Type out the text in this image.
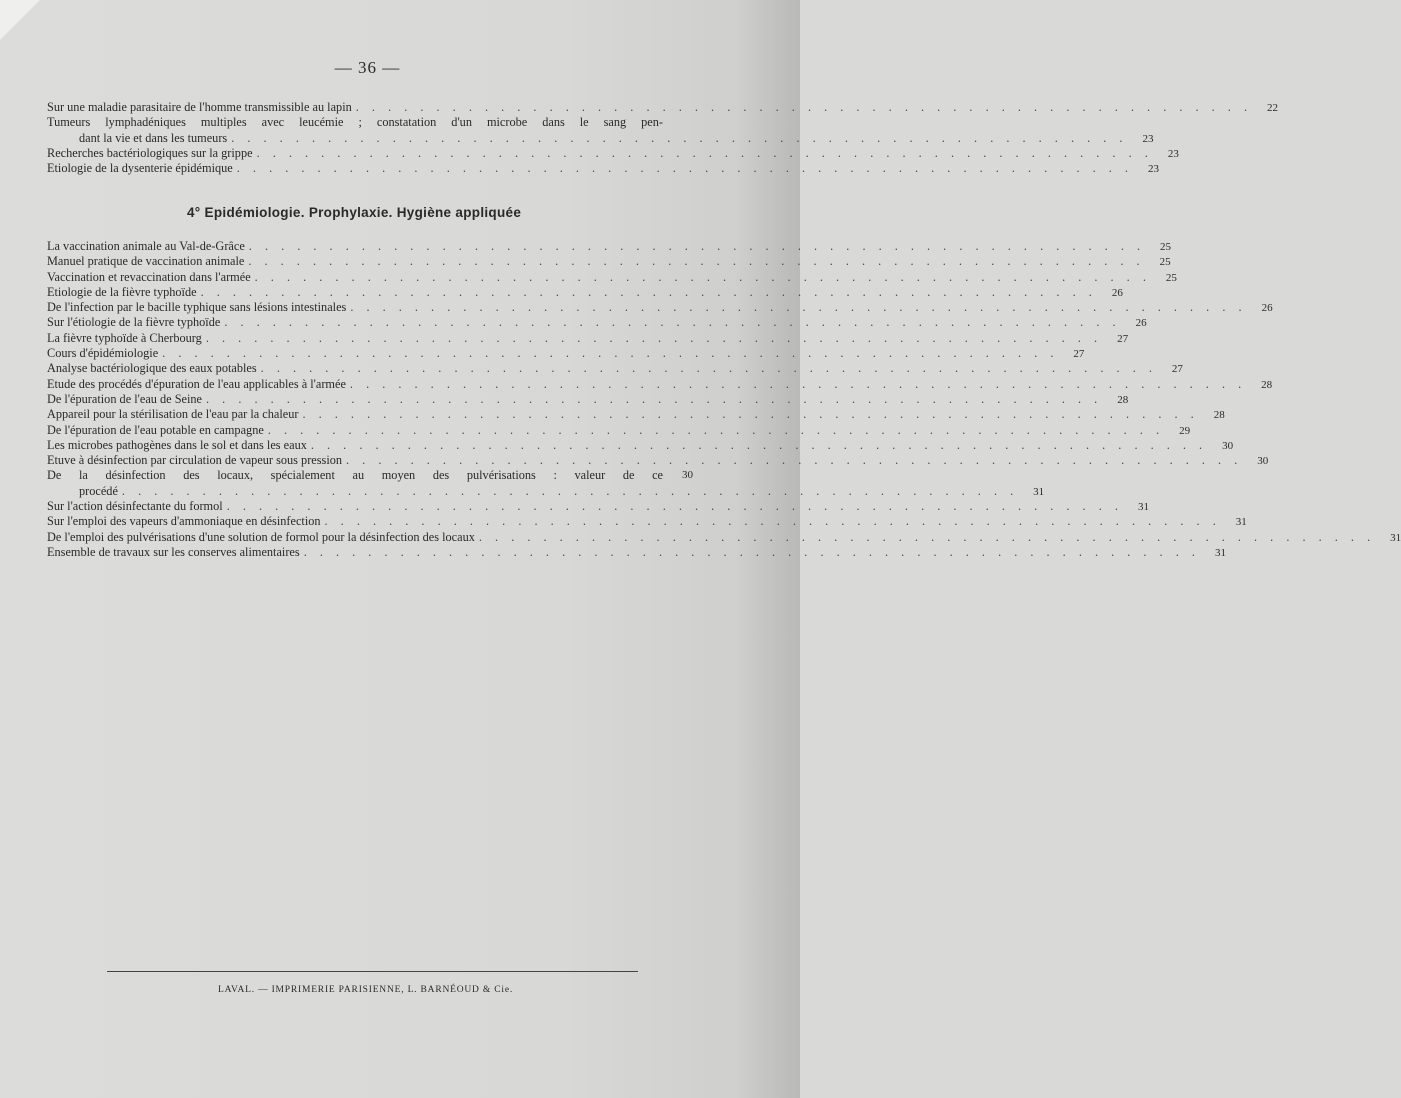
— 36 —
Sur une maladie parasitaire de l'homme transmissible au lapin . . . . . . . . . . . . . . . . . . . . . . . . . . . . . . . . . . . . . . . . . . . . . . . . . . . . . . . .	22
Tumeurs lymphadéniques multiples avec leucémie ; constatation d'un microbe dans le sang pen-
dant la vie et dans les tumeurs . . . . . . . . . . . . . . . . . . . . . . . . . . . . . . . . . . . . . . . . . . . . . . . . . . . . . . . .	23
Recherches bactériologiques sur la grippe . . . . . . . . . . . . . . . . . . . . . . . . . . . . . . . . . . . . . . . . . . . . . . . . . . . . . . . .	23
Etiologie de la dysenterie épidémique . . . . . . . . . . . . . . . . . . . . . . . . . . . . . . . . . . . . . . . . . . . . . . . . . . . . . . . .	23
4° Epidémiologie. Prophylaxie. Hygiène appliquée
La vaccination animale au Val-de-Grâce . . . . . . . . . . . . . . . . . . . . . . . . . . . . . . . . . . . . . . . . . . . . . . . . . . . . . . . .	25
Manuel pratique de vaccination animale . . . . . . . . . . . . . . . . . . . . . . . . . . . . . . . . . . . . . . . . . . . . . . . . . . . . . . . .	25
Vaccination et revaccination dans l'armée . . . . . . . . . . . . . . . . . . . . . . . . . . . . . . . . . . . . . . . . . . . . . . . . . . . . . . . .	25
Etiologie de la fièvre typhoïde . . . . . . . . . . . . . . . . . . . . . . . . . . . . . . . . . . . . . . . . . . . . . . . . . . . . . . . .	26
De l'infection par le bacille typhique sans lésions intestinales . . . . . . . . . . . . . . . . . . . . . . . . . . . . . . . . . . . . . . . . . . . . . . . . . . . . . . . .	26
Sur l'étiologie de la fièvre typhoïde . . . . . . . . . . . . . . . . . . . . . . . . . . . . . . . . . . . . . . . . . . . . . . . . . . . . . . . .	26
La fièvre typhoïde à Cherbourg . . . . . . . . . . . . . . . . . . . . . . . . . . . . . . . . . . . . . . . . . . . . . . . . . . . . . . . .	27
Cours d'épidémiologie . . . . . . . . . . . . . . . . . . . . . . . . . . . . . . . . . . . . . . . . . . . . . . . . . . . . . . . .	27
Analyse bactériologique des eaux potables . . . . . . . . . . . . . . . . . . . . . . . . . . . . . . . . . . . . . . . . . . . . . . . . . . . . . . . .	27
Etude des procédés d'épuration de l'eau applicables à l'armée . . . . . . . . . . . . . . . . . . . . . . . . . . . . . . . . . . . . . . . . . . . . . . . . . . . . . . . .	28
De l'épuration de l'eau de Seine . . . . . . . . . . . . . . . . . . . . . . . . . . . . . . . . . . . . . . . . . . . . . . . . . . . . . . . .	28
Appareil pour la stérilisation de l'eau par la chaleur . . . . . . . . . . . . . . . . . . . . . . . . . . . . . . . . . . . . . . . . . . . . . . . . . . . . . . . .	28
De l'épuration de l'eau potable en campagne . . . . . . . . . . . . . . . . . . . . . . . . . . . . . . . . . . . . . . . . . . . . . . . . . . . . . . . .	29
Les microbes pathogènes dans le sol et dans les eaux . . . . . . . . . . . . . . . . . . . . . . . . . . . . . . . . . . . . . . . . . . . . . . . . . . . . . . . .	30
Etuve à désinfection par circulation de vapeur sous pression . . . . . . . . . . . . . . . . . . . . . . . . . . . . . . . . . . . . . . . . . . . . . . . . . . . . . . . .	30
De la désinfection des locaux, spécialement au moyen des pulvérisations : valeur de ce	30
procédé . . . . . . . . . . . . . . . . . . . . . . . . . . . . . . . . . . . . . . . . . . . . . . . . . . . . . . . .	31
Sur l'action désinfectante du formol . . . . . . . . . . . . . . . . . . . . . . . . . . . . . . . . . . . . . . . . . . . . . . . . . . . . . . . .	31
Sur l'emploi des vapeurs d'ammoniaque en désinfection . . . . . . . . . . . . . . . . . . . . . . . . . . . . . . . . . . . . . . . . . . . . . . . . . . . . . . . .	31
De l'emploi des pulvérisations d'une solution de formol pour la désinfection des locaux . . . . . . . . . . . . . . . . . . . . . . . . . . . . . . . . . . . . . . . . . . . . . . . . . . . . . . . .	31
Ensemble de travaux sur les conserves alimentaires . . . . . . . . . . . . . . . . . . . . . . . . . . . . . . . . . . . . . . . . . . . . . . . . . . . . . . . .	31
LAVAL. — IMPRIMERIE PARISIENNE, L. BARNÉOUD & Cie.
